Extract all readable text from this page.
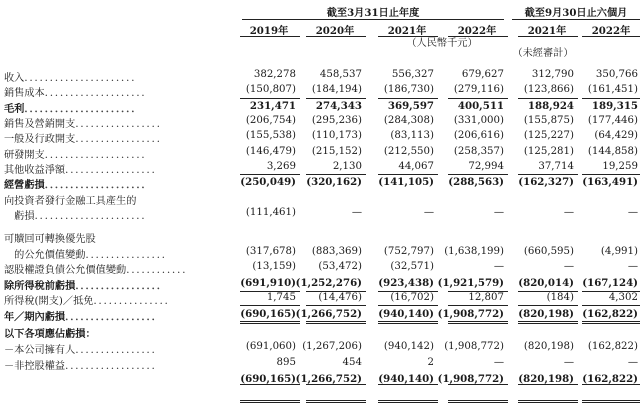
截至3月31日止年度	截至9月30日止六個月
2019年	2020年	2021年	2022年	2021年	2022年
（人民幣千元）
（未經審計）
收入．．．．．．．．．．．．．．．．．．．．．．	382,278	458,537	556,327	679,627	312,790	350,766
銷售成本．．．．．．．．．．．．．．．．．．．．	(150,807)	(184,194)	(186,730)	(279,116)	(123,866)	(161,451)
毛利．．．．．．．．．．．．．．．．．．．．．．	231,471	274,343	369,597	400,511	188,924	189,315
銷售及營銷開支．．．．．．．．．．．．．．．．．	(206,754)	(295,236)	(284,308)	(331,000)	(155,875)	(177,446)
一般及行政開支．．．．．．．．．．．．．．．．．	(155,538)	(110,173)	(83,113)	(206,616)	(125,227)	(64,429)
研發開支．．．．．．．．．．．．．．．．．．．．	(146,479)	(215,152)	(212,550)	(258,357)	(125,281)	(144,858)
其他收益淨額．．．．．．．．．．．．．．．．．．	3,269	2,130	44,067	72,994	37,714	19,259
經營虧損．．．．．．．．．．．．．．．．．．．．	(250,049)	(320,162)	(141,105)	(288,563)	(162,327) (163,491)
向投資者發行金融工具產生的
　虧損．．．．．．．．．．．．．．．．．．．．．．	(111,461)	—	—	—	—	—
可贖回可轉換優先股
　的公允價值變動．．．．．．．．．．．．．．．．	(317,678)	(883,369)	(752,797)	(1,638,199)	(660,595)	(4,991)
認股權證負債公允價值變動．．．．．．．．．．．．	(13,159)	(53,472)	(32,571)	—	—	—
除所得稅前虧損．．．．．．．．．．．．．．．．．	(691,910) (1,252,276)	(923,438) (1,921,579)	(820,014) (167,124)
所得稅(開支)／抵免．．．．．．．．．．．．．．．	1,745	(14,476)	(16,702)	12,807	(184)	4,302
年／期內虧損．．．．．．．．．．．．．．．．．．	(690,165) (1,266,752)	(940,140) (1,908,772)	(820,198) (162,822)
以下各項應佔虧損：
－本公司擁有人．．．．．．．．．．．．．．．．	(691,060) (1,267,206)	(940,142)	(1,908,772)	(820,198)	(162,822)
－非控股權益．．．．．．．．．．．．．．．．．．	895	454	2	—	—	—
(690,165) (1,266,752)	(940,140) (1,908,772)	(820,198) (162,822)
